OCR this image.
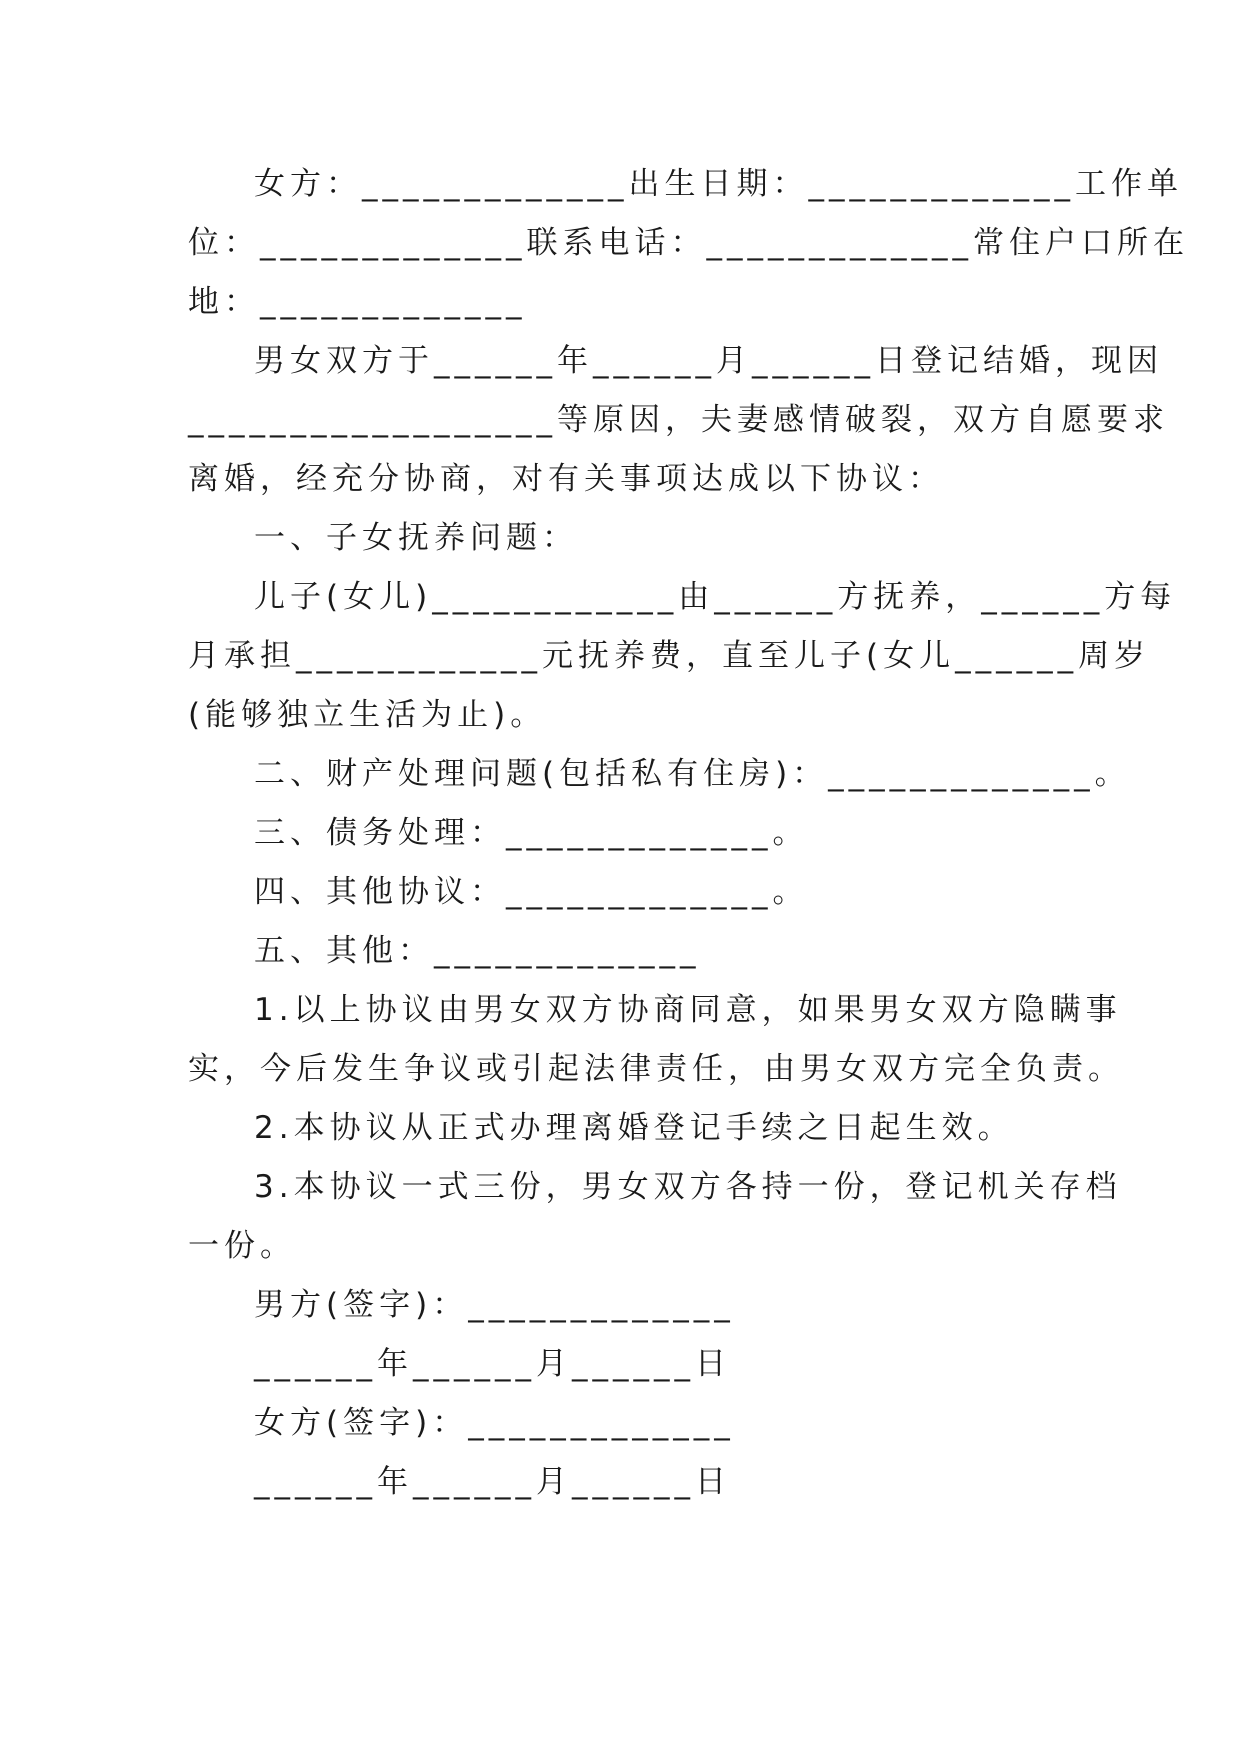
女方：_____________出生日期：_____________工作单
位：_____________联系电话：_____________常住户口所在
地：_____________
男女双方于______年______月______日登记结婚，现因
__________________等原因，夫妻感情破裂，双方自愿要求
离婚，经充分协商，对有关事项达成以下协议：
一、子女抚养问题：
儿子(女儿)____________由______方抚养，______方每
月承担____________元抚养费，直至儿子(女儿______周岁
(能够独立生活为止)。
二、财产处理问题(包括私有住房)：_____________。
三、债务处理：_____________。
四、其他协议：_____________。
五、其他：_____________
1.以上协议由男女双方协商同意，如果男女双方隐瞒事
实，今后发生争议或引起法律责任，由男女双方完全负责。
2.本协议从正式办理离婚登记手续之日起生效。
3.本协议一式三份，男女双方各持一份，登记机关存档
一份。
男方(签字)：_____________
______年______月______日
女方(签字)：_____________
______年______月______日
